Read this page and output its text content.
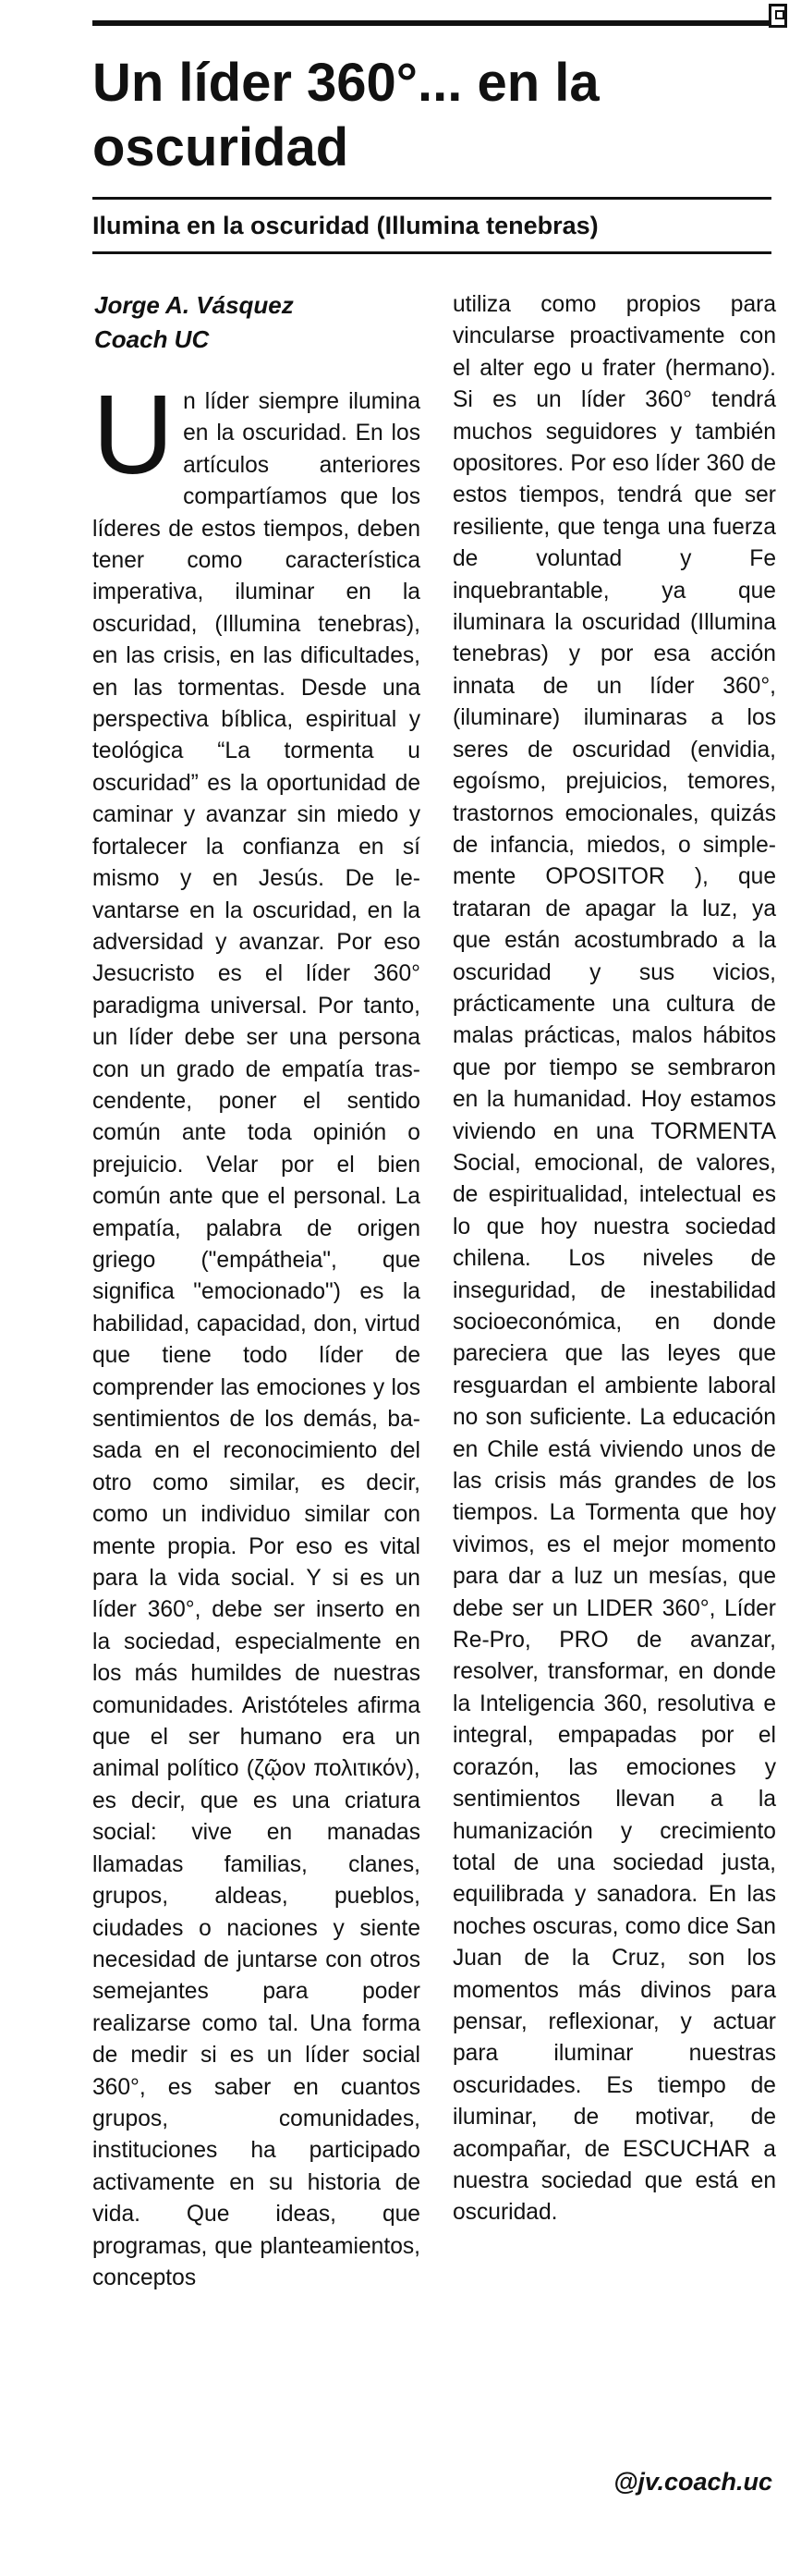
Un líder 360°... en la oscuridad
Ilumina en la oscuridad (Illumina tenebras)
Jorge A. Vásquez
Coach UC
U n líder siempre ilumina en la oscuridad. En los artículos anteriores compartíamos que los líderes de estos tiempos, deben tener como característica imperativa, iluminar en la oscuridad, (Illumina tenebras), en las crisis, en las dificultades, en las tormentas. Desde una perspectiva bíblica, espiritual y teológica “La tormenta u oscuridad” es la oportunidad de caminar y avanzar sin miedo y fortalecer la confianza en sí mismo y en Jesús. De levantarse en la oscuridad, en la adversidad y avanzar. Por eso Jesucristo es el líder 360° paradigma universal. Por tanto, un líder debe ser una persona con un grado de empatía trascendente, poner el sentido común ante toda opinión o prejuicio. Velar por el bien común ante que el personal. La empatía, palabra de origen griego ("empátheia", que significa "emocionado") es la habilidad, capacidad, don, virtud que tiene todo líder de comprender las emociones y los sentimientos de los demás, basada en el reconocimiento del otro como similar, es decir, como un individuo similar con mente propia. Por eso es vital para la vida social. Y si es un líder 360°, debe ser inserto en la sociedad, especialmente en los más humildes de nuestras comunidades. Aristóteles afirma que el ser humano era un animal político (ζῷον πολιτικόν), es decir, que es una criatura social: vive en manadas llamadas familias, clanes, grupos, aldeas, pueblos, ciudades o naciones y siente necesidad de juntarse con otros semejantes para poder realizarse como tal. Una forma de medir si es un líder social 360°, es saber en cuantos grupos, comunidades, instituciones ha participado activamente en su historia de vida. Que ideas, que programas, que planteamientos, conceptos

utiliza como propios para vincularse proactivamente con el alter ego u frater (hermano). Si es un líder 360° tendrá muchos seguidores y también opositores. Por eso líder 360 de estos tiempos, tendrá que ser resiliente, que tenga una fuerza de voluntad y Fe inquebrantable, ya que iluminara la oscuridad (Illumina tenebras) y por esa acción innata de un líder 360°, (iluminare) iluminaras a los seres de oscuridad (envidia, egoísmo, prejuicios, temores, trastornos emocionales, quizás de infancia, miedos, o simplemente OPOSITOR ), que trataran de apagar la luz, ya que están acostumbrado a la oscuridad y sus vicios, prácticamente una cultura de malas prácticas, malos hábitos que por tiempo se sembraron en la humanidad. Hoy estamos viviendo en una TORMENTA Social, emocional, de valores, de espiritualidad, intelectual es lo que hoy nuestra sociedad chilena. Los niveles de inseguridad, de inestabilidad socioeconómica, en donde pareciera que las leyes que resguardan el ambiente laboral no son suficiente. La educación en Chile está viviendo unos de las crisis más grandes de los tiempos. La Tormenta que hoy vivimos, es el mejor momento para dar a luz un mesías, que debe ser un LIDER 360°, Líder Re-Pro, PRO de avanzar, resolver, transformar, en donde la Inteligencia 360, resolutiva e integral, empapadas por el corazón, las emociones y sentimientos llevan a la humanización y crecimiento total de una sociedad justa, equilibrada y sanadora. En las noches oscuras, como dice San Juan de la Cruz, son los momentos más divinos para pensar, reflexionar, y actuar para iluminar nuestras oscuridades. Es tiempo de iluminar, de motivar, de acompañar, de ESCUCHAR a nuestra sociedad que está en oscuridad.

@jv.coach.uc
